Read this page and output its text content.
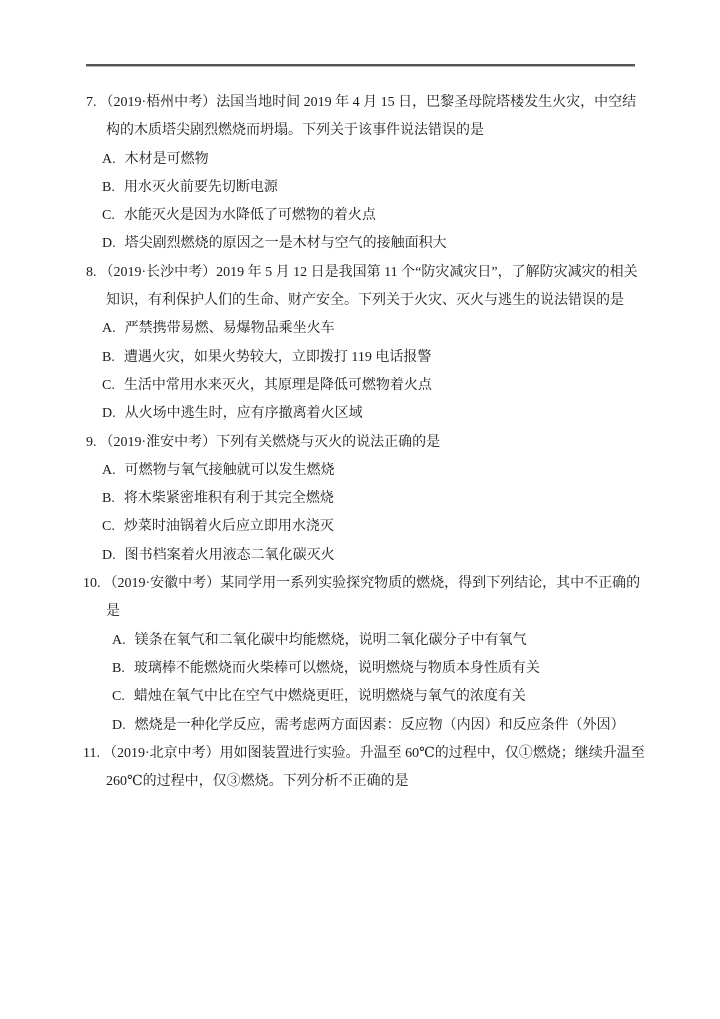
7. （2019·梧州中考）法国当地时间 2019 年 4 月 15 日，巴黎圣母院塔楼发生火灾，中空结构的木质塔尖剧烈燃烧而坍塌。下列关于该事件说法错误的是

A. 木材是可燃物

B. 用水灭火前要先切断电源

C. 水能灭火是因为水降低了可燃物的着火点

D. 塔尖剧烈燃烧的原因之一是木材与空气的接触面积大

8. （2019·长沙中考）2019 年 5 月 12 日是我国第 11 个“防灾减灾日”，了解防灾减灾的相关知识，有利保护人们的生命、财产安全。下列关于火灾、灭火与逃生的说法错误的是

A. 严禁携带易燃、易爆物品乘坐火车

B. 遭遇火灾，如果火势较大，立即拨打 119 电话报警

C. 生活中常用水来灭火，其原理是降低可燃物着火点

D. 从火场中逃生时，应有序撤离着火区域

9. （2019·淮安中考）下列有关燃烧与灭火的说法正确的是

A. 可燃物与氧气接触就可以发生燃烧

B. 将木柴紧密堆积有利于其完全燃烧

C. 炒菜时油锅着火后应立即用水浇灭

D. 图书档案着火用液态二氧化碳灭火

10. （2019·安徽中考）某同学用一系列实验探究物质的燃烧，得到下列结论，其中不正确的是

A. 镁条在氧气和二氧化碳中均能燃烧，说明二氧化碳分子中有氧气

B. 玻璃棒不能燃烧而火柴棒可以燃烧，说明燃烧与物质本身性质有关

C. 蜡烛在氧气中比在空气中燃烧更旺，说明燃烧与氧气的浓度有关

D. 燃烧是一种化学反应，需考虑两方面因素：反应物（内因）和反应条件（外因）

11. （2019·北京中考）用如图装置进行实验。升温至 60℃的过程中，仅①燃烧；继续升温至 260℃的过程中，仅③燃烧。下列分析不正确的是
